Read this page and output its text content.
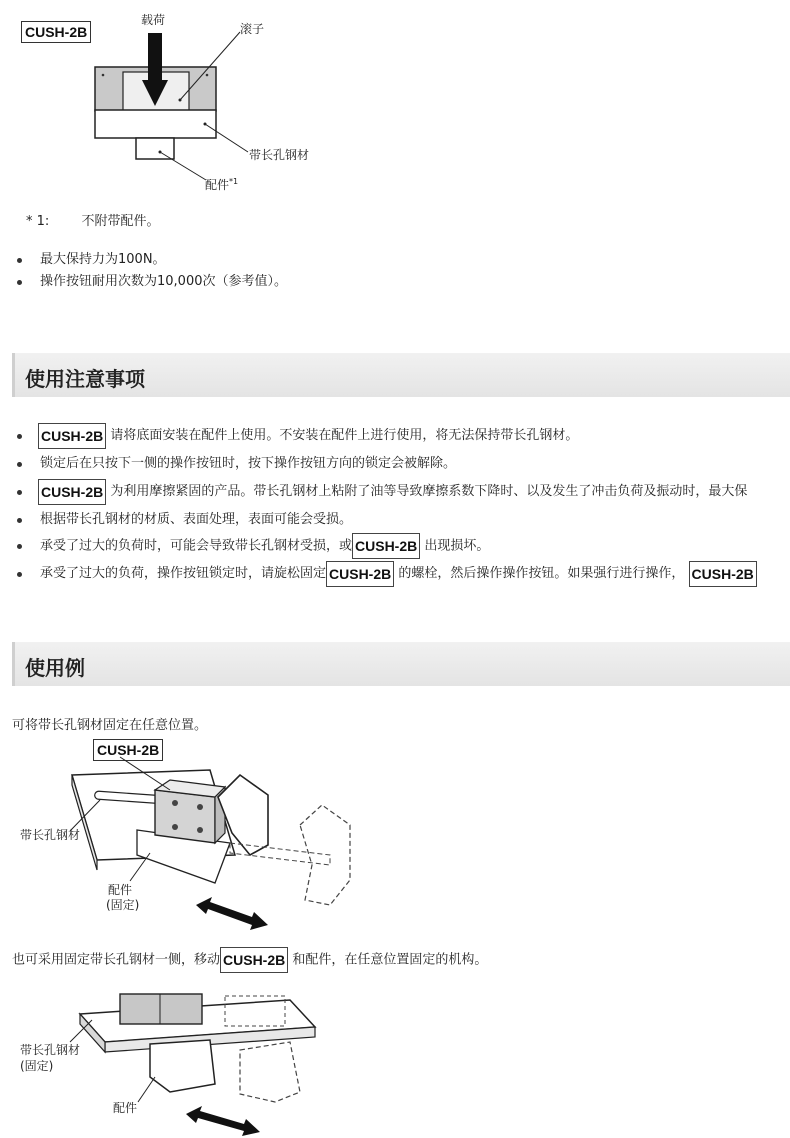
CUSH-2B
载荷
滚子
带长孔钢材
配件$^{*1}$
* 1: 不附带配件。
最大保持力为100N。
操作按钮耐用次数为10,000次（参考值）。
使用注意事项
CUSH-2B 请将底面安装在配件上使用。不安装在配件上进行使用，将无法保持带长孔钢材。
锁定后在只按下一侧的操作按钮时，按下操作按钮方向的锁定会被解除。
CUSH-2B 为利用摩擦紧固的产品。带长孔钢材上粘附了油等导致摩擦系数下降时、以及发生了冲击负荷及振动时，最大保
根据带长孔钢材的材质、表面处理，表面可能会受损。
承受了过大的负荷时，可能会导致带长孔钢材受损，或 CUSH-2B 出现损坏。
承受了过大的负荷，操作按钮锁定时，请旋松固定 CUSH-2B 的螺栓，然后操作操作按钮。如果强行进行操作， CUSH-2B
使用例
可将带长孔钢材固定在任意位置。
CUSH-2B
带长孔钢材
配件
(固定)
也可采用固定带长孔钢材一侧，移动 CUSH-2B 和配件，在任意位置固定的机构。
带长孔钢材
(固定)
配件
